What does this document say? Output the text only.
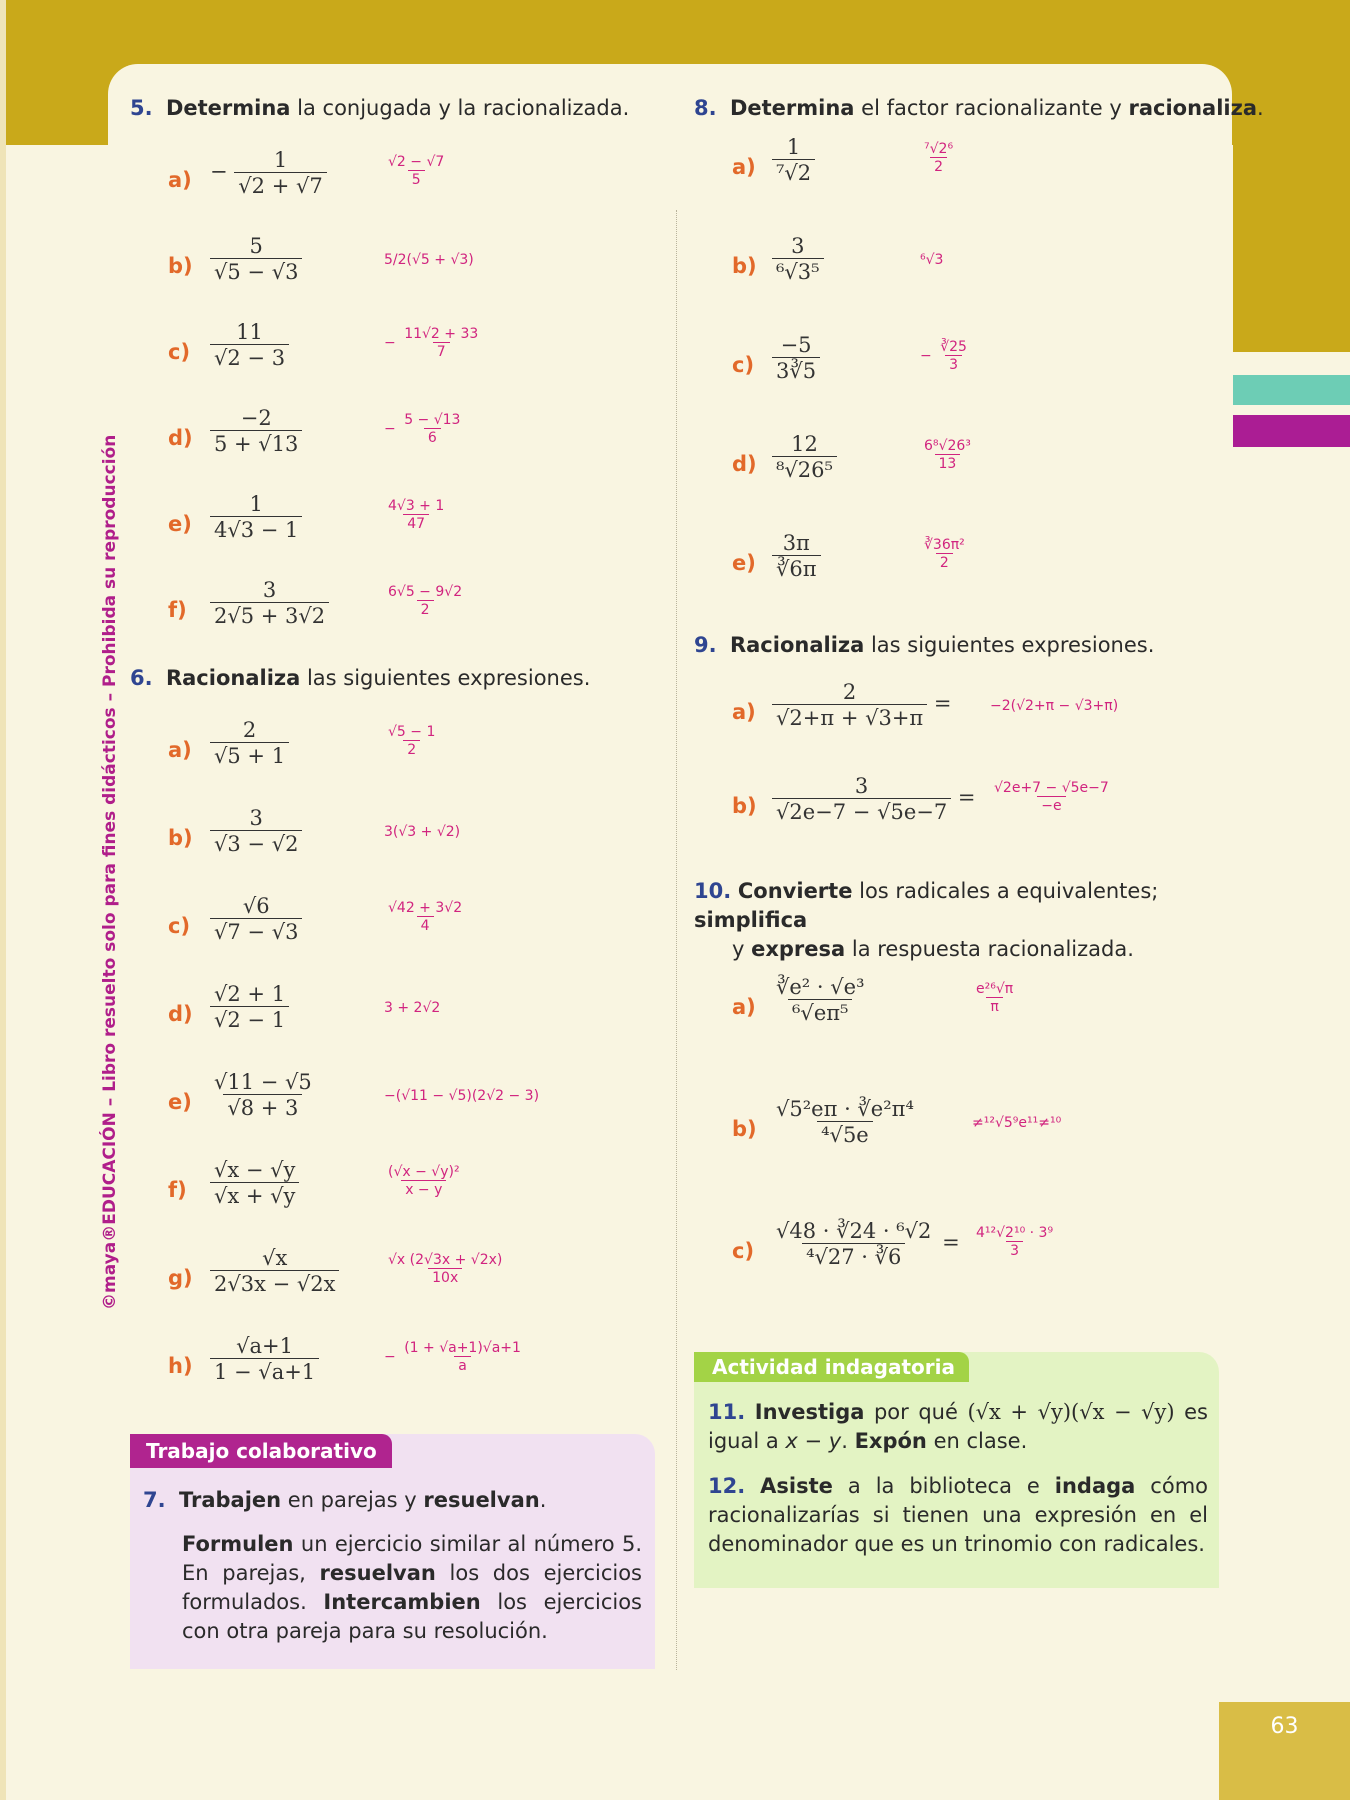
©maya®EDUCACIÓN – Libro resuelto solo para fines didácticos – Prohibida su reproducción
5. Determina la conjugada y la racionalizada.
$a) - \frac{1}{√2 + √7}$	$\frac{√2 - √7}{5}$
$b) \frac{5}{√5 - √3}$	5/2(√5 + √3)
$c) \frac{11}{√2 - 3}$	− $\frac{11√2 + 33}{7}$
$d) \frac{-2}{5 + √13}$	− $\frac{5 - √13}{6}$
$e) \frac{1}{4√3 - 1}$	$\frac{4√3 + 1}{47}$
$f) \frac{3}{2√5 + 3√2}$	$\frac{6√5 - 9√2}{2}$
6. Racionaliza las siguientes expresiones.
$a) \frac{2}{√5 + 1}$	$\frac{√5 - 1}{2}$
$b) \frac{3}{√3 - √2}$	3(√3 + √2)
$c) \frac{√6}{√7 - √3}$	$\frac{√42 + 3√2}{4}$
$d) \frac{√2 + 1}{√2 - 1}$	3 + 2√2
$e) \frac{√11 - √5}{√8 + 3}$	−(√11 − √5)(2√2 − 3)
$f) \frac{√x - √y}{√x + √y}$	$\frac{\text{(√x − √y)²}}{x - y}$
$g) \frac{√x}{2√3x - √2x}$	$\frac{√x (2√3x + √2x)}{10x}$
$h) \frac{√a+1}{1 - √a+1}$	− $\frac{(1 + √a+1)√a+1}{a}$
Trabajo colaborativo
7. Trabajen en parejas y resuelvan.
Formulen un ejercicio similar al número 5. En parejas, resuelvan los dos ejercicios formulados. Intercambien los ejercicios con otra pareja para su resolución.
8. Determina el factor racionalizante y racionaliza.
$a) \frac{1}{\text{⁷√2}}$	$\frac{\text{⁷√2⁶}}{2}$
$b) \frac{3}{\text{⁶√3⁵}}$	⁶√3
$c) \frac{-5}{3∛5}$	− $\frac{∛25}{3}$
$d) \frac{12}{\text{⁸√26⁵}}$	$\frac{\text{6⁸√26³}}{13}$
$e) \frac{3\pi}{∛6\pi}$	$\frac{\text{∛36π²}}{2}$
9. Racionaliza las siguientes expresiones.
$a) \frac{2}{√2+\pi + √3+\pi}$ =	−2(√2+π − √3+π)
$b) \frac{3}{√2e-7 - √5e-7} = \frac{√2e+7 - √5e-7}{-e}$
10. Convierte los radicales a equivalentes; simplifica
y expresa la respuesta racionalizada.
$a) \frac{\text{∛e² · √e³}}{\text{⁶√eπ⁵}}$	$\frac{\text{e²⁶√π}}{\pi}$
$b) \frac{\text{√5²eπ · ∛e²π⁴}}{\text{⁴√5e}}$	≠¹²√5⁹e¹¹≠¹⁰
$c) \frac{\text{√48 · ∛24 · ⁶√2}}{\text{⁴√27 · ∛6}} = \frac{\text{4¹²√2¹⁰ · 3⁹}}{3}$
Actividad indagatoria
11. Investiga por qué (√x + √y)(√x − √y) es igual a x − y. Expón en clase.
12. Asiste a la biblioteca e indaga cómo racionalizarías si tienen una expresión en el denominador que es un trinomio con radicales.
63
